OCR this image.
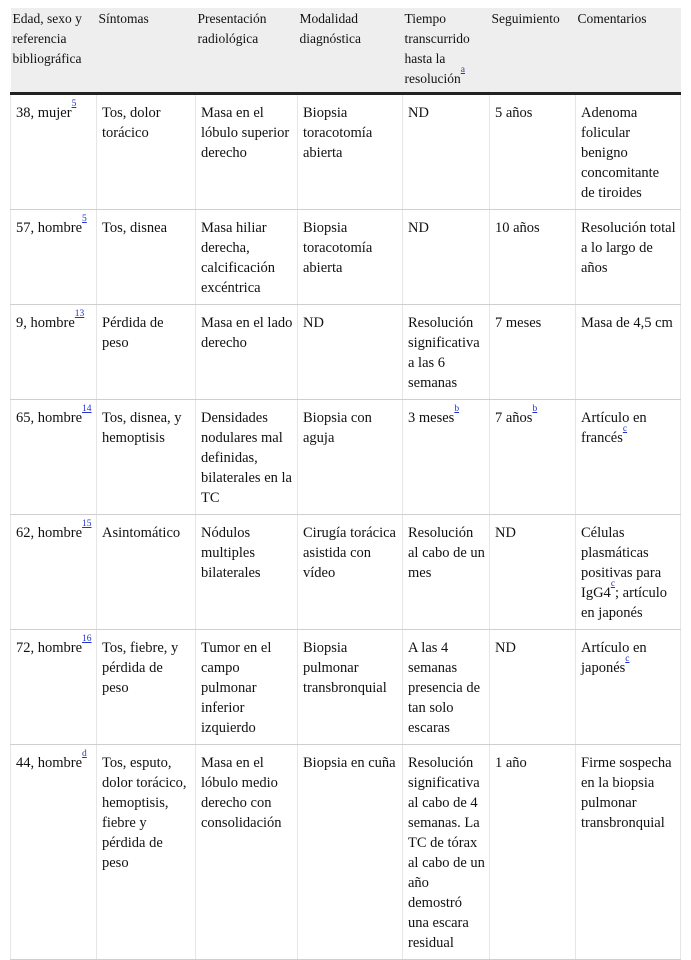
Edad, sexo y referencia bibliográfica	Síntomas	Presentación radiológica	Modalidad diagnóstica	Tiempo transcurrido hasta la resolución$^a$	Seguimiento	Comentarios
38, mujer$^5$	Tos, dolor torácico	Masa en el lóbulo superior derecho	Biopsia toracotomía abierta	ND	5 años	Adenoma folicular benigno concomitante de tiroides
57, hombre$^5$	Tos, disnea	Masa hiliar derecha, calcificación excéntrica	Biopsia toracotomía abierta	ND	10 años	Resolución total a lo largo de años
9, hombre$^{13}$	Pérdida de peso	Masa en el lado derecho	ND	Resolución significativa a las 6 semanas	7 meses	Masa de 4,5 cm
65, hombre$^{14}$	Tos, disnea, y hemoptisis	Densidades nodulares mal definidas, bilaterales en la TC	Biopsia con aguja	3 meses$^b$	7 años$^b$	Artículo en francés$^c$
62, hombre$^{15}$	Asintomático	Nódulos multiples bilaterales	Cirugía torácica asistida con vídeo	Resolución al cabo de un mes	ND	Células plasmáticas positivas para IgG4$^c$; artículo en japonés
72, hombre$^{16}$	Tos, fiebre, y pérdida de peso	Tumor en el campo pulmonar inferior izquierdo	Biopsia pulmonar transbronquial	A las 4 semanas presencia de tan solo escaras	ND	Artículo en japonés$^c$
44, hombre$^d$	Tos, esputo, dolor torácico, hemoptisis, fiebre y pérdida de peso	Masa en el lóbulo medio derecho con consolidación	Biopsia en cuña	Resolución significativa al cabo de 4 semanas. La TC de tórax al cabo de un año demostró una escara residual	1 año	Firme sospecha en la biopsia pulmonar transbronquial
